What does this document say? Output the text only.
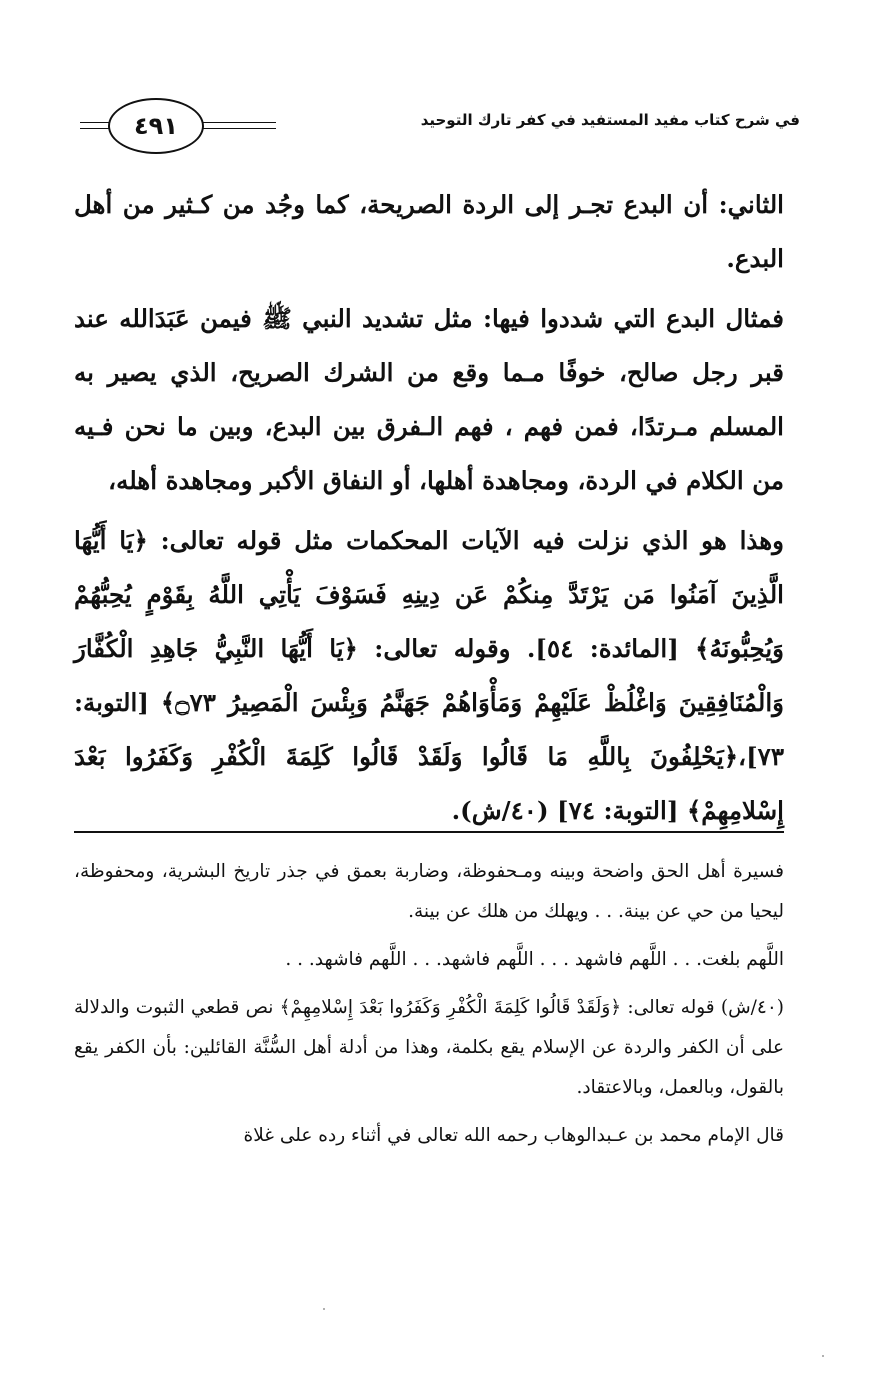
في شرح كتاب مفيد المستفيد في كفر تارك التوحيد
٤٩١

الثاني: أن البدع تجـر إلى الردة الصريحة، كما وجُد من كـثير من أهل البدع.

فمثال البدع التي شددوا فيها: مثل تشديد النبي ﷺ فيمن عَبَدَالله عند قبر رجل صالح، خوفًا مـما وقع من الشرك الصريح، الذي يصير به المسلم مـرتدًا، فمن فهم ، فهم الـفرق بين البدع، وبين ما نحن فـيه من الكلام في الردة، ومجاهدة أهلها، أو النفاق الأكبر ومجاهدة أهله،

وهذا هو الذي نزلت فيه الآيات المحكمات مثل قوله تعالى: ﴿يَا أَيُّهَا الَّذِينَ آمَنُوا مَن يَرْتَدَّ مِنكُمْ عَن دِينِهِ فَسَوْفَ يَأْتِي اللَّهُ بِقَوْمٍ يُحِبُّهُمْ وَيُحِبُّونَهُ﴾ [المائدة: ٥٤]. وقوله تعالى: ﴿يَا أَيُّهَا النَّبِيُّ جَاهِدِ الْكُفَّارَ وَالْمُنَافِقِينَ وَاغْلُظْ عَلَيْهِمْ وَمَأْوَاهُمْ جَهَنَّمُ وَبِئْسَ الْمَصِيرُ ۝٧٣﴾ [التوبة: ٧٣]،﴿يَحْلِفُونَ بِاللَّهِ مَا قَالُوا وَلَقَدْ قَالُوا كَلِمَةَ الْكُفْرِ وَكَفَرُوا بَعْدَ إِسْلامِهِمْ﴾ [التوبة: ٧٤] (٤٠/ش).

فسيرة أهل الحق واضحة وبينه ومـحفوظة، وضاربة بعمق في جذر تاريخ البشرية، ومحفوظة، ليحيا من حي عن بينة. . . ويهلك من هلك عن بينة.

اللَّهم بلغت. . . اللَّهم فاشهد . . . اللَّهم فاشهد. . . اللَّهم فاشهد. . .

(٤٠/ش) قوله تعالى: ﴿وَلَقَدْ قَالُوا كَلِمَةَ الْكُفْرِ وَكَفَرُوا بَعْدَ إِسْلامِهِمْ﴾ نص قطعي الثبوت والدلالة على أن الكفر والردة عن الإسلام يقع بكلمة، وهذا من أدلة أهل السُّنَّة القائلين: بأن الكفر يقع بالقول، وبالعمل، وبالاعتقاد.

قال الإمام محمد بن عـبدالوهاب رحمه الله تعالى في أثناء رده على غلاة
